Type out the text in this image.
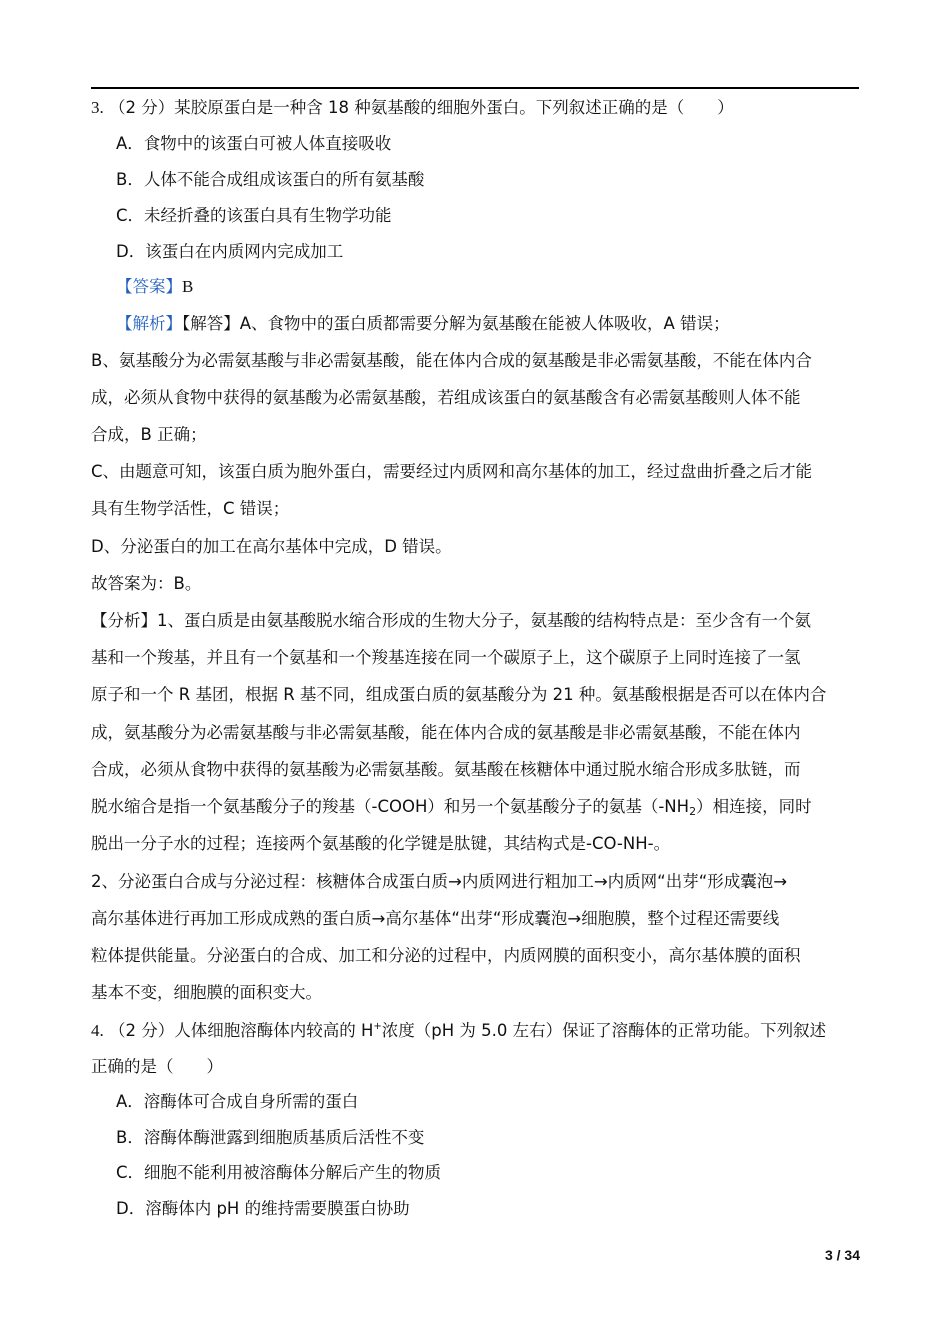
3. （2 分）某胶原蛋白是一种含 18 种氨基酸的细胞外蛋白。下列叙述正确的是（　　）
A．食物中的该蛋白可被人体直接吸收
B．人体不能合成组成该蛋白的所有氨基酸
C．未经折叠的该蛋白具有生物学功能
D．该蛋白在内质网内完成加工
【答案】B
【解析】【解答】A、食物中的蛋白质都需要分解为氨基酸在能被人体吸收，A 错误；
B、氨基酸分为必需氨基酸与非必需氨基酸，能在体内合成的氨基酸是非必需氨基酸，不能在体内合
成，必须从食物中获得的氨基酸为必需氨基酸，若组成该蛋白的氨基酸含有必需氨基酸则人体不能
合成，B 正确；
C、由题意可知，该蛋白质为胞外蛋白，需要经过内质网和高尔基体的加工，经过盘曲折叠之后才能
具有生物学活性，C 错误；
D、分泌蛋白的加工在高尔基体中完成，D 错误。
故答案为：B。
【分析】1、蛋白质是由氨基酸脱水缩合形成的生物大分子，氨基酸的结构特点是：至少含有一个氨
基和一个羧基，并且有一个氨基和一个羧基连接在同一个碳原子上，这个碳原子上同时连接了一氢
原子和一个 R 基团，根据 R 基不同，组成蛋白质的氨基酸分为 21 种。氨基酸根据是否可以在体内合
成，氨基酸分为必需氨基酸与非必需氨基酸，能在体内合成的氨基酸是非必需氨基酸，不能在体内
合成，必须从食物中获得的氨基酸为必需氨基酸。氨基酸在核糖体中通过脱水缩合形成多肽链，而
脱水缩合是指一个氨基酸分子的羧基（-COOH）和另一个氨基酸分子的氨基$(-NH_2)$相连接，同时
脱出一分子水的过程；连接两个氨基酸的化学键是肽键，其结构式是-CO-NH-。
2、分泌蛋白合成与分泌过程：核糖体合成蛋白质→内质网进行粗加工→内质网“出芽“形成囊泡→
高尔基体进行再加工形成成熟的蛋白质→高尔基体“出芽“形成囊泡→细胞膜，整个过程还需要线
粒体提供能量。分泌蛋白的合成、加工和分泌的过程中，内质网膜的面积变小，高尔基体膜的面积
基本不变，细胞膜的面积变大。
4. （2 分）人体细胞溶酶体内较高的 H+浓度（pH 为 5.0 左右）保证了溶酶体的正常功能。下列叙述
正确的是（　　）
A．溶酶体可合成自身所需的蛋白
B．溶酶体酶泄露到细胞质基质后活性不变
C．细胞不能利用被溶酶体分解后产生的物质
D．溶酶体内 pH 的维持需要膜蛋白协助
3 / 34
